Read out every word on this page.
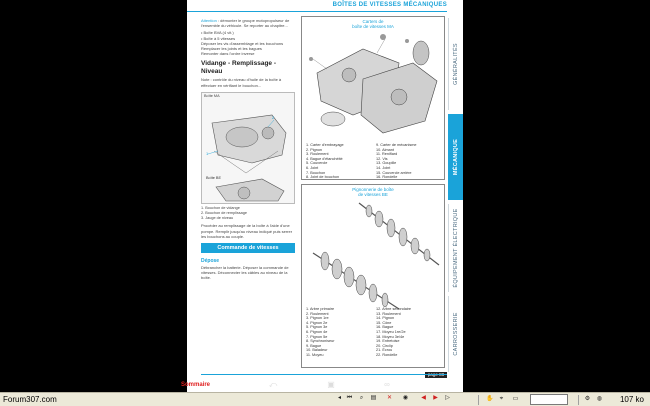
BOÎTES DE VITESSES MÉCANIQUES
Attention : démonter le groupe motopropulseur de l'ensemble du véhicule. Se reporter au chapitre...
• Boîte BVA (4 vit.)
• Boîte à 5 vitesses
Déposer les vis d'assemblage et les bouchons
Remplacer les joints et les bagues
Remonter dans l'ordre inverse
Vidange - Remplissage - Niveau
Note : contrôle du niveau d'huile de la boîte à effectuer en vérifiant le bouchon...
Boîte MA
1
2
Boîte BE
1. Bouchon de vidange
2. Bouchon de remplissage
3. Jauge de niveau
Procéder au remplissage de la boîte à l'aide d'une pompe. Remplir jusqu'au niveau indiqué puis serrer les bouchons au couple.
Commande de vitesses
Dépose
Débrancher la batterie. Déposer la commande de vitesses. Déconnecter les câbles au niveau de la boîte.
Carters de
boîte de vitesses MA
1. Carter d'embrayage
2. Pignon
3. Roulement
4. Bague d'étanchéité
5. Couvercle
6. Joint
7. Bouchon
8. Joint de bouchon
9. Carter de mécanisme
10. Aimant
11. Reniflard
12. Vis
13. Goupille
14. Joint
15. Couvercle arrière
16. Rondelle
Pignonnerie de boîte
de vitesses BE
1. Arbre primaire
2. Roulement
3. Pignon 1re
4. Pignon 2e
5. Pignon 3e
6. Pignon 4e
7. Pignon 5e
8. Synchroniseur
9. Bague
10. Baladeur
11. Moyeu
12. Arbre secondaire
13. Roulement
14. Pignon
15. Cône
16. Bague
17. Moyeu 1re/2e
18. Moyeu 3e/4e
19. Entretoise
20. Circlip
21. Écrou
22. Rondelle
GÉNÉRALITÉS
MÉCANIQUE
ÉQUIPEMENT ÉLECTRIQUE
CARROSSERIE
Sommaire	⤺	▣	∞
Forum307.com	◂ ⏮	⌕	▤ ✕ ◉ ◀ ▶ ▷	✋ ⌖	▭	⚙ ◍ 107 ko
